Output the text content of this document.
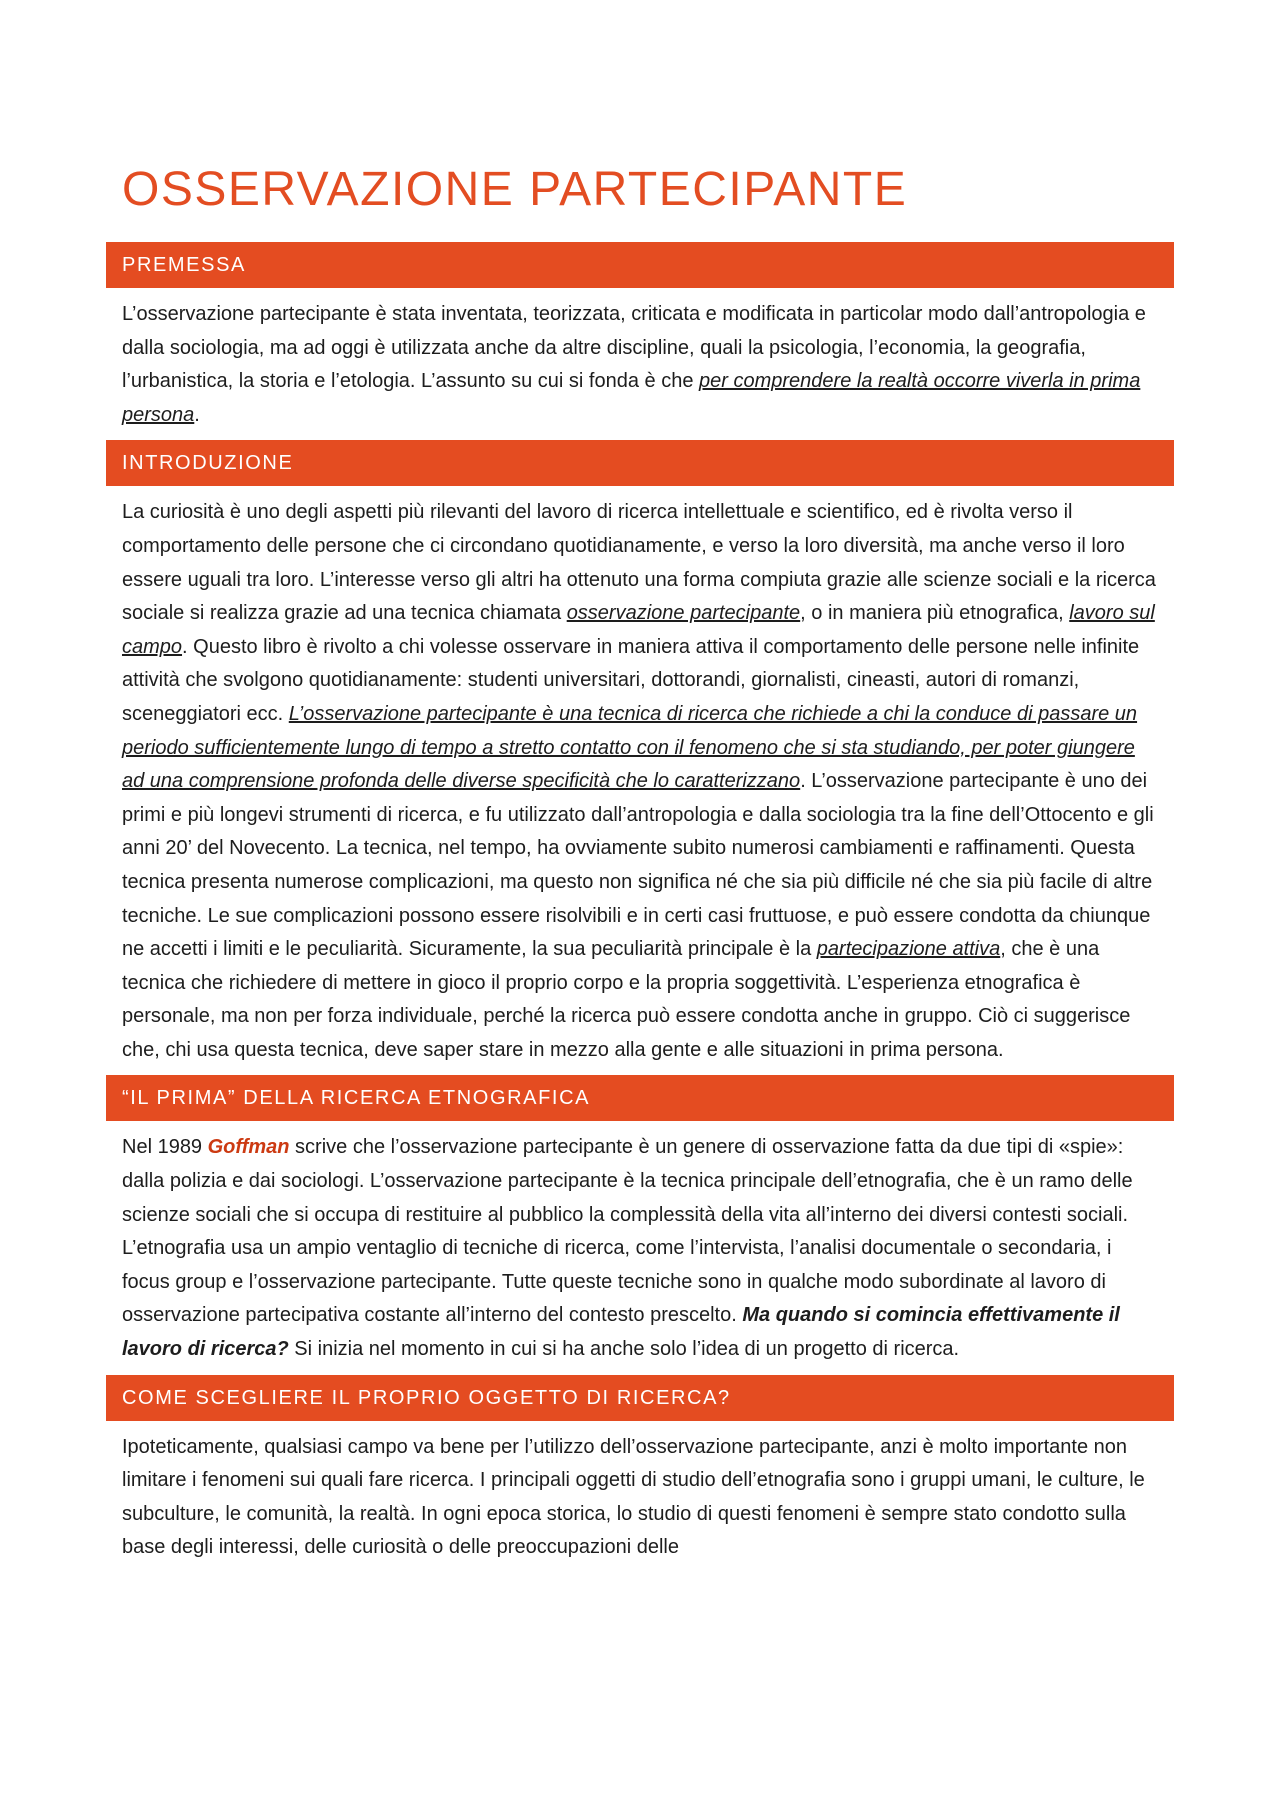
OSSERVAZIONE PARTECIPANTE
PREMESSA

L’osservazione partecipante è stata inventata, teorizzata, criticata e modificata in particolar modo dall’antropologia e dalla sociologia, ma ad oggi è utilizzata anche da altre discipline, quali la psicologia, l’economia, la geografia, l’urbanistica, la storia e l’etologia. L’assunto su cui si fonda è che per comprendere la realtà occorre viverla in prima persona.

INTRODUZIONE

La curiosità è uno degli aspetti più rilevanti del lavoro di ricerca intellettuale e scientifico, ed è rivolta verso il comportamento delle persone che ci circondano quotidianamente, e verso la loro diversità, ma anche verso il loro essere uguali tra loro. L’interesse verso gli altri ha ottenuto una forma compiuta grazie alle scienze sociali e la ricerca sociale si realizza grazie ad una tecnica chiamata osservazione partecipante, o in maniera più etnografica, lavoro sul campo. Questo libro è rivolto a chi volesse osservare in maniera attiva il comportamento delle persone nelle infinite attività che svolgono quotidianamente: studenti universitari, dottorandi, giornalisti, cineasti, autori di romanzi, sceneggiatori ecc. L’osservazione partecipante è una tecnica di ricerca che richiede a chi la conduce di passare un periodo sufficientemente lungo di tempo a stretto contatto con il fenomeno che si sta studiando, per poter giungere ad una comprensione profonda delle diverse specificità che lo caratterizzano. L’osservazione partecipante è uno dei primi e più longevi strumenti di ricerca, e fu utilizzato dall’antropologia e dalla sociologia tra la fine dell’Ottocento e gli anni 20’ del Novecento. La tecnica, nel tempo, ha ovviamente subito numerosi cambiamenti e raffinamenti. Questa tecnica presenta numerose complicazioni, ma questo non significa né che sia più difficile né che sia più facile di altre tecniche. Le sue complicazioni possono essere risolvibili e in certi casi fruttuose, e può essere condotta da chiunque ne accetti i limiti e le peculiarità. Sicuramente, la sua peculiarità principale è la partecipazione attiva, che è una tecnica che richiedere di mettere in gioco il proprio corpo e la propria soggettività. L’esperienza etnografica è personale, ma non per forza individuale, perché la ricerca può essere condotta anche in gruppo. Ciò ci suggerisce che, chi usa questa tecnica, deve saper stare in mezzo alla gente e alle situazioni in prima persona.

“IL PRIMA” DELLA RICERCA ETNOGRAFICA

Nel 1989 Goffman scrive che l’osservazione partecipante è un genere di osservazione fatta da due tipi di «spie»: dalla polizia e dai sociologi. L’osservazione partecipante è la tecnica principale dell’etnografia, che è un ramo delle scienze sociali che si occupa di restituire al pubblico la complessità della vita all’interno dei diversi contesti sociali. L’etnografia usa un ampio ventaglio di tecniche di ricerca, come l’intervista, l’analisi documentale o secondaria, i focus group e l’osservazione partecipante. Tutte queste tecniche sono in qualche modo subordinate al lavoro di osservazione partecipativa costante all’interno del contesto prescelto. Ma quando si comincia effettivamente il lavoro di ricerca? Si inizia nel momento in cui si ha anche solo l’idea di un progetto di ricerca.

COME SCEGLIERE IL PROPRIO OGGETTO DI RICERCA?

Ipoteticamente, qualsiasi campo va bene per l’utilizzo dell’osservazione partecipante, anzi è molto importante non limitare i fenomeni sui quali fare ricerca. I principali oggetti di studio dell’etnografia sono i gruppi umani, le culture, le subculture, le comunità, la realtà. In ogni epoca storica, lo studio di questi fenomeni è sempre stato condotto sulla base degli interessi, delle curiosità o delle preoccupazioni delle
